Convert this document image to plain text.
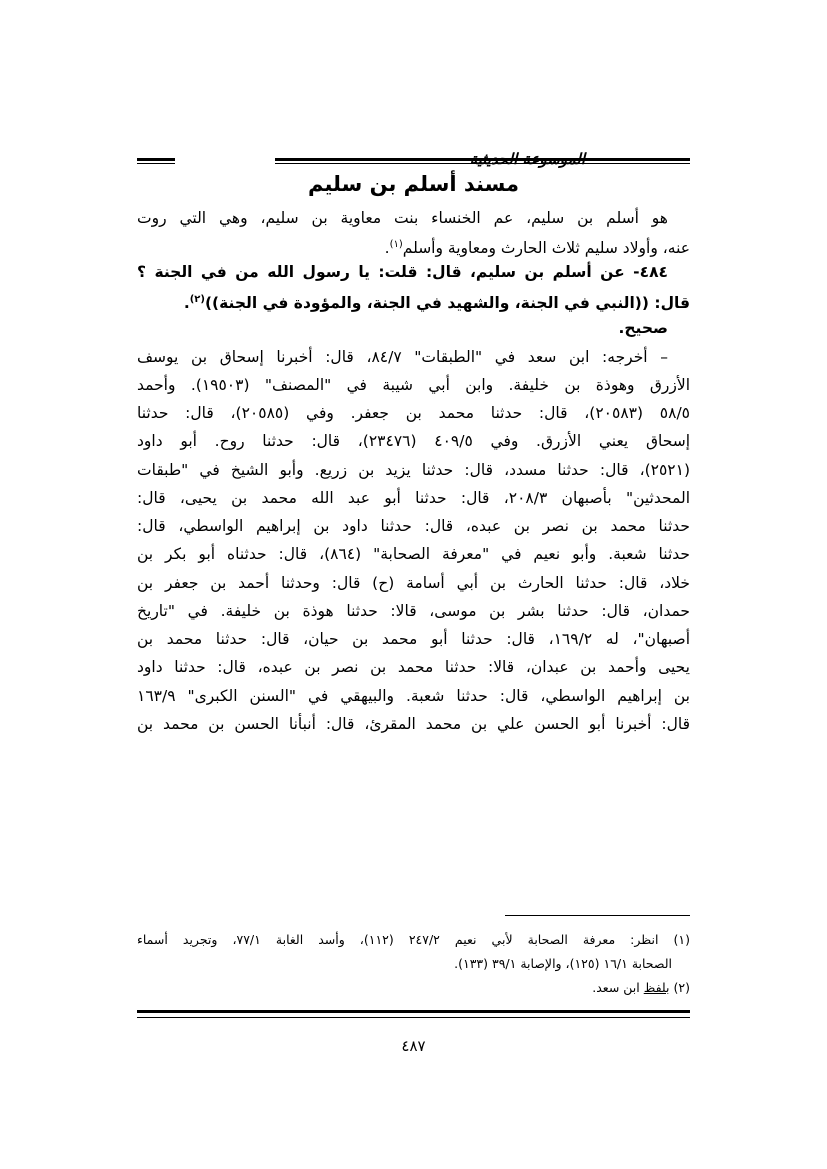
الموسوعة الحديثية
مسند أسلم بن سليم
هو أسلم بن سليم، عم الخنساء بنت معاوية بن سليم، وهي التي روت
عنه، وأولاد سليم ثلاث الحارث ومعاوية وأسلم$^{(١)}$.
٤٨٤- عن أسلم بن سليم، قال: قلت: يا رسول الله من في الجنة ؟
قال: ((النبي في الجنة، والشهيد في الجنة، والمؤودة في الجنة))$^{(٢)}$.
صحيح.
– أخرجه: ابن سعد في "الطبقات" ٨٤/٧، قال: أخبرنا إسحاق بن يوسف
الأزرق وهوذة بن خليفة. وابن أبي شيبة في "المصنف" (١٩٥٠٣). وأحمد
٥٨/٥ (٢٠٥٨٣)، قال: حدثنا محمد بن جعفر. وفي (٢٠٥٨٥)، قال: حدثنا
إسحاق يعني الأزرق. وفي ٤٠٩/٥ (٢٣٤٧٦)، قال: حدثنا روح. أبو داود
(٢٥٢١)، قال: حدثنا مسدد، قال: حدثنا يزيد بن زريع. وأبو الشيخ في "طبقات
المحدثين" بأصبهان ٢٠٨/٣، قال: حدثنا أبو عبد الله محمد بن يحيى، قال:
حدثنا محمد بن نصر بن عبده، قال: حدثنا داود بن إبراهيم الواسطي، قال:
حدثنا شعبة. وأبو نعيم في "معرفة الصحابة" (٨٦٤)، قال: حدثناه أبو بكر بن
خلاد، قال: حدثنا الحارث بن أبي أسامة (ح) قال: وحدثنا أحمد بن جعفر بن
حمدان، قال: حدثنا بشر بن موسى، قالا: حدثنا هوذة بن خليفة. في "تاريخ
أصبهان"، له ١٦٩/٢، قال: حدثنا أبو محمد بن حيان، قال: حدثنا محمد بن
يحيى وأحمد بن عبدان، قالا: حدثنا محمد بن نصر بن عبده، قال: حدثنا داود
بن إبراهيم الواسطي، قال: حدثنا شعبة. والبيهقي في "السنن الكبرى" ١٦٣/٩
قال: أخبرنا أبو الحسن علي بن محمد المقرئ، قال: أنبأنا الحسن بن محمد بن
(١) انظر: معرفة الصحابة لأبي نعيم ٢٤٧/٢ (١١٢)، وأسد الغابة ٧٧/١، وتجريد أسماء
الصحابة ١٦/١ (١٢٥)، والإصابة ٣٩/١ (١٣٣).
(٢) بلفظ ابن سعد.
٤٨٧
